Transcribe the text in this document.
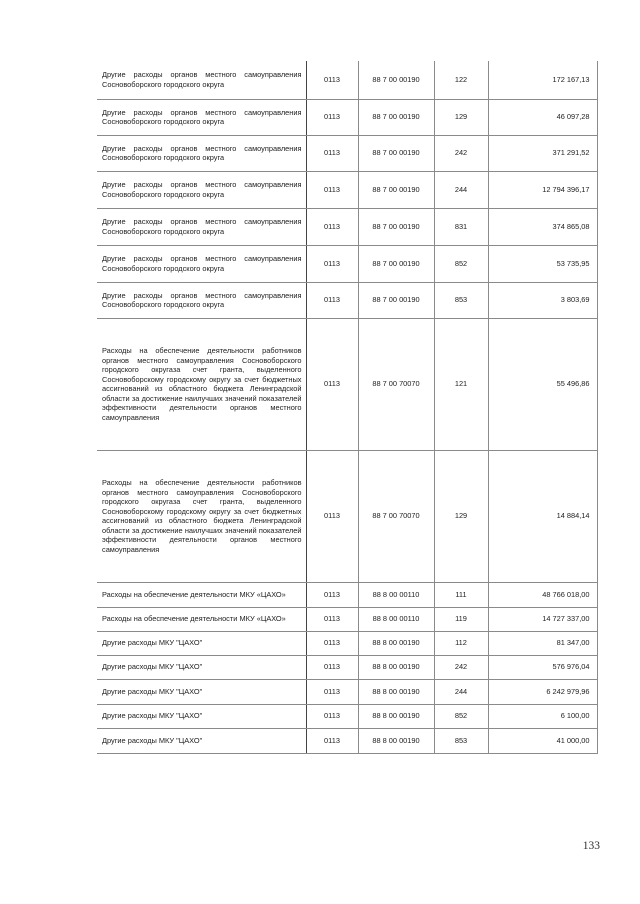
Другие расходы органов местного самоуправления Сосновоборского городского округа	0113	88 7 00 00190	122	172 167,13
Другие расходы органов местного самоуправления Сосновоборского городского округа	0113	88 7 00 00190	129	46 097,28
Другие расходы органов местного самоуправления Сосновоборского городского округа	0113	88 7 00 00190	242	371 291,52
Другие расходы органов местного самоуправления Сосновоборского городского округа	0113	88 7 00 00190	244	12 794 396,17
Другие расходы органов местного самоуправления Сосновоборского городского округа	0113	88 7 00 00190	831	374 865,08
Другие расходы органов местного самоуправления Сосновоборского городского округа	0113	88 7 00 00190	852	53 735,95
Другие расходы органов местного самоуправления Сосновоборского городского округа	0113	88 7 00 00190	853	3 803,69
Расходы на обеспечение деятельности работников органов местного самоуправления Сосновоборского городского округаза счет гранта, выделенного Сосновоборскому городскому округу за счет бюджетных ассигнований из областного бюджета Ленинградской области за достижение наилучших значений показателей эффективности деятельности органов местного самоуправления	0113	88 7 00 70070	121	55 496,86
Расходы на обеспечение деятельности работников органов местного самоуправления Сосновоборского городского округаза счет гранта, выделенного Сосновоборскому городскому округу за счет бюджетных ассигнований из областного бюджета Ленинградской области за достижение наилучших значений показателей эффективности деятельности органов местного самоуправления	0113	88 7 00 70070	129	14 884,14
Расходы на обеспечение деятельности МКУ «ЦАХО»	0113	88 8 00 00110	111	48 766 018,00
Расходы на обеспечение деятельности МКУ «ЦАХО»	0113	88 8 00 00110	119	14 727 337,00
Другие расходы МКУ "ЦАХО"	0113	88 8 00 00190	112	81 347,00
Другие расходы МКУ "ЦАХО"	0113	88 8 00 00190	242	576 976,04
Другие расходы МКУ "ЦАХО"	0113	88 8 00 00190	244	6 242 979,96
Другие расходы МКУ "ЦАХО"	0113	88 8 00 00190	852	6 100,00
Другие расходы МКУ "ЦАХО"	0113	88 8 00 00190	853	41 000,00
133
